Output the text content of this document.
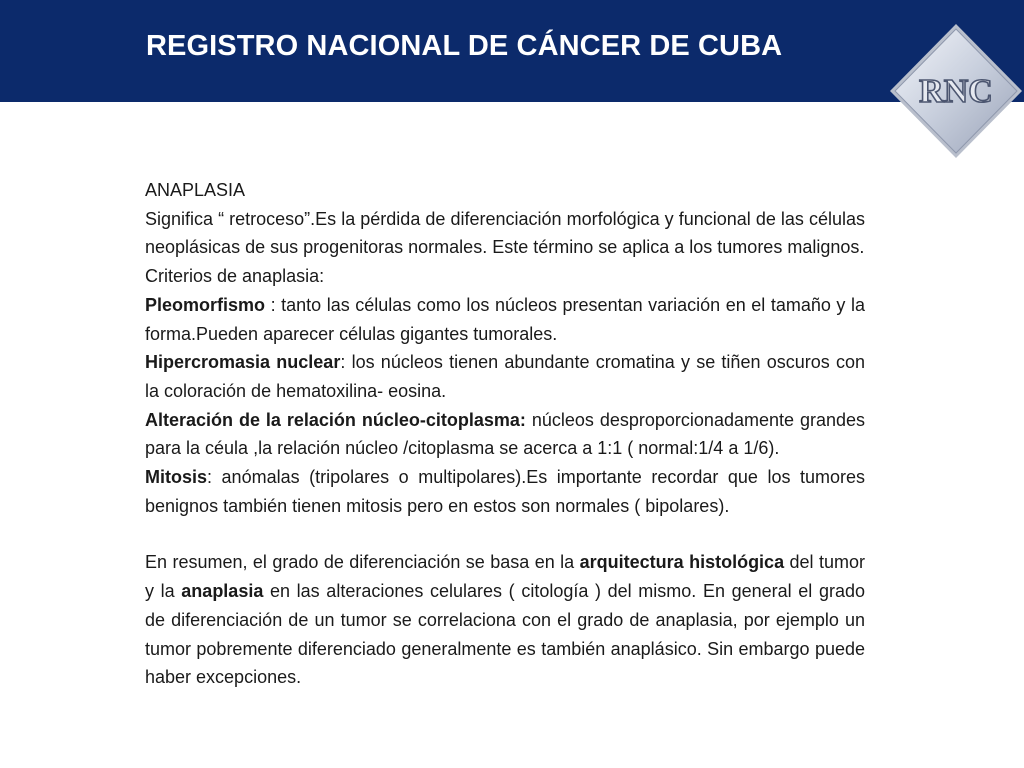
REGISTRO NACIONAL DE CÁNCER DE CUBA
RNC

ANAPLASIA

Significa “ retroceso”.Es la pérdida de diferenciación morfológica y funcional de las células neoplásicas de sus progenitoras normales. Este término se aplica a los tumores malignos.

Criterios de anaplasia:

Pleomorfismo : tanto las células como los núcleos presentan variación en el tamaño y la forma.Pueden aparecer células gigantes tumorales.

Hipercromasia nuclear: los núcleos tienen abundante cromatina y se tiñen oscuros con la coloración de hematoxilina- eosina.

Alteración de la relación núcleo-citoplasma: núcleos desproporcionadamente grandes para la céula ,la relación núcleo /citoplasma se acerca a 1:1 ( normal:1/4 a 1/6).

Mitosis: anómalas (tripolares o multipolares).Es importante recordar que los tumores benignos también tienen mitosis pero en estos son normales ( bipolares).

En resumen, el grado de diferenciación se basa en la arquitectura histológica del tumor y la anaplasia en las alteraciones celulares ( citología ) del mismo. En general el grado de diferenciación de un tumor se correlaciona con el grado de anaplasia, por ejemplo un tumor pobremente diferenciado generalmente es también anaplásico. Sin embargo puede haber excepciones.
